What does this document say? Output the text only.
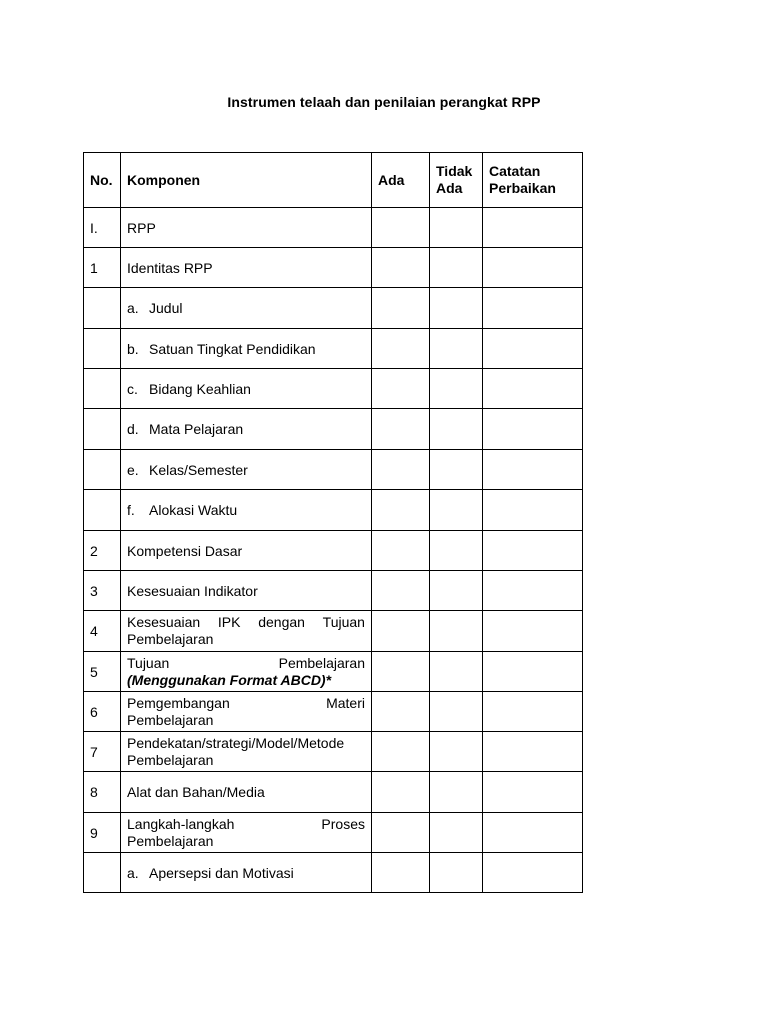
Instrumen telaah dan penilaian perangkat RPP
No.	Komponen	Ada	Tidak Ada	Catatan Perbaikan
I.	RPP			
1	Identitas RPP			
	a. Judul			
	b. Satuan Tingkat Pendidikan			
	c. Bidang Keahlian			
	d. Mata Pelajaran			
	e. Kelas/Semester			
	f. Alokasi Waktu			
2	Kompetensi Dasar			
3	Kesesuaian Indikator			
4	Kesesuaian IPK dengan Tujuan
Pembelajaran			

5	Tujuan Pembelajaran
(Menggunakan Format ABCD)*			

6	Pemgembangan Materi
Pembelajaran			

7	Pendekatan/strategi/Model/Metode
Pembelajaran			

8	Alat dan Bahan/Media			
9	Langkah-langkah Proses
Pembelajaran			

	a. Apersepsi dan Motivasi			
